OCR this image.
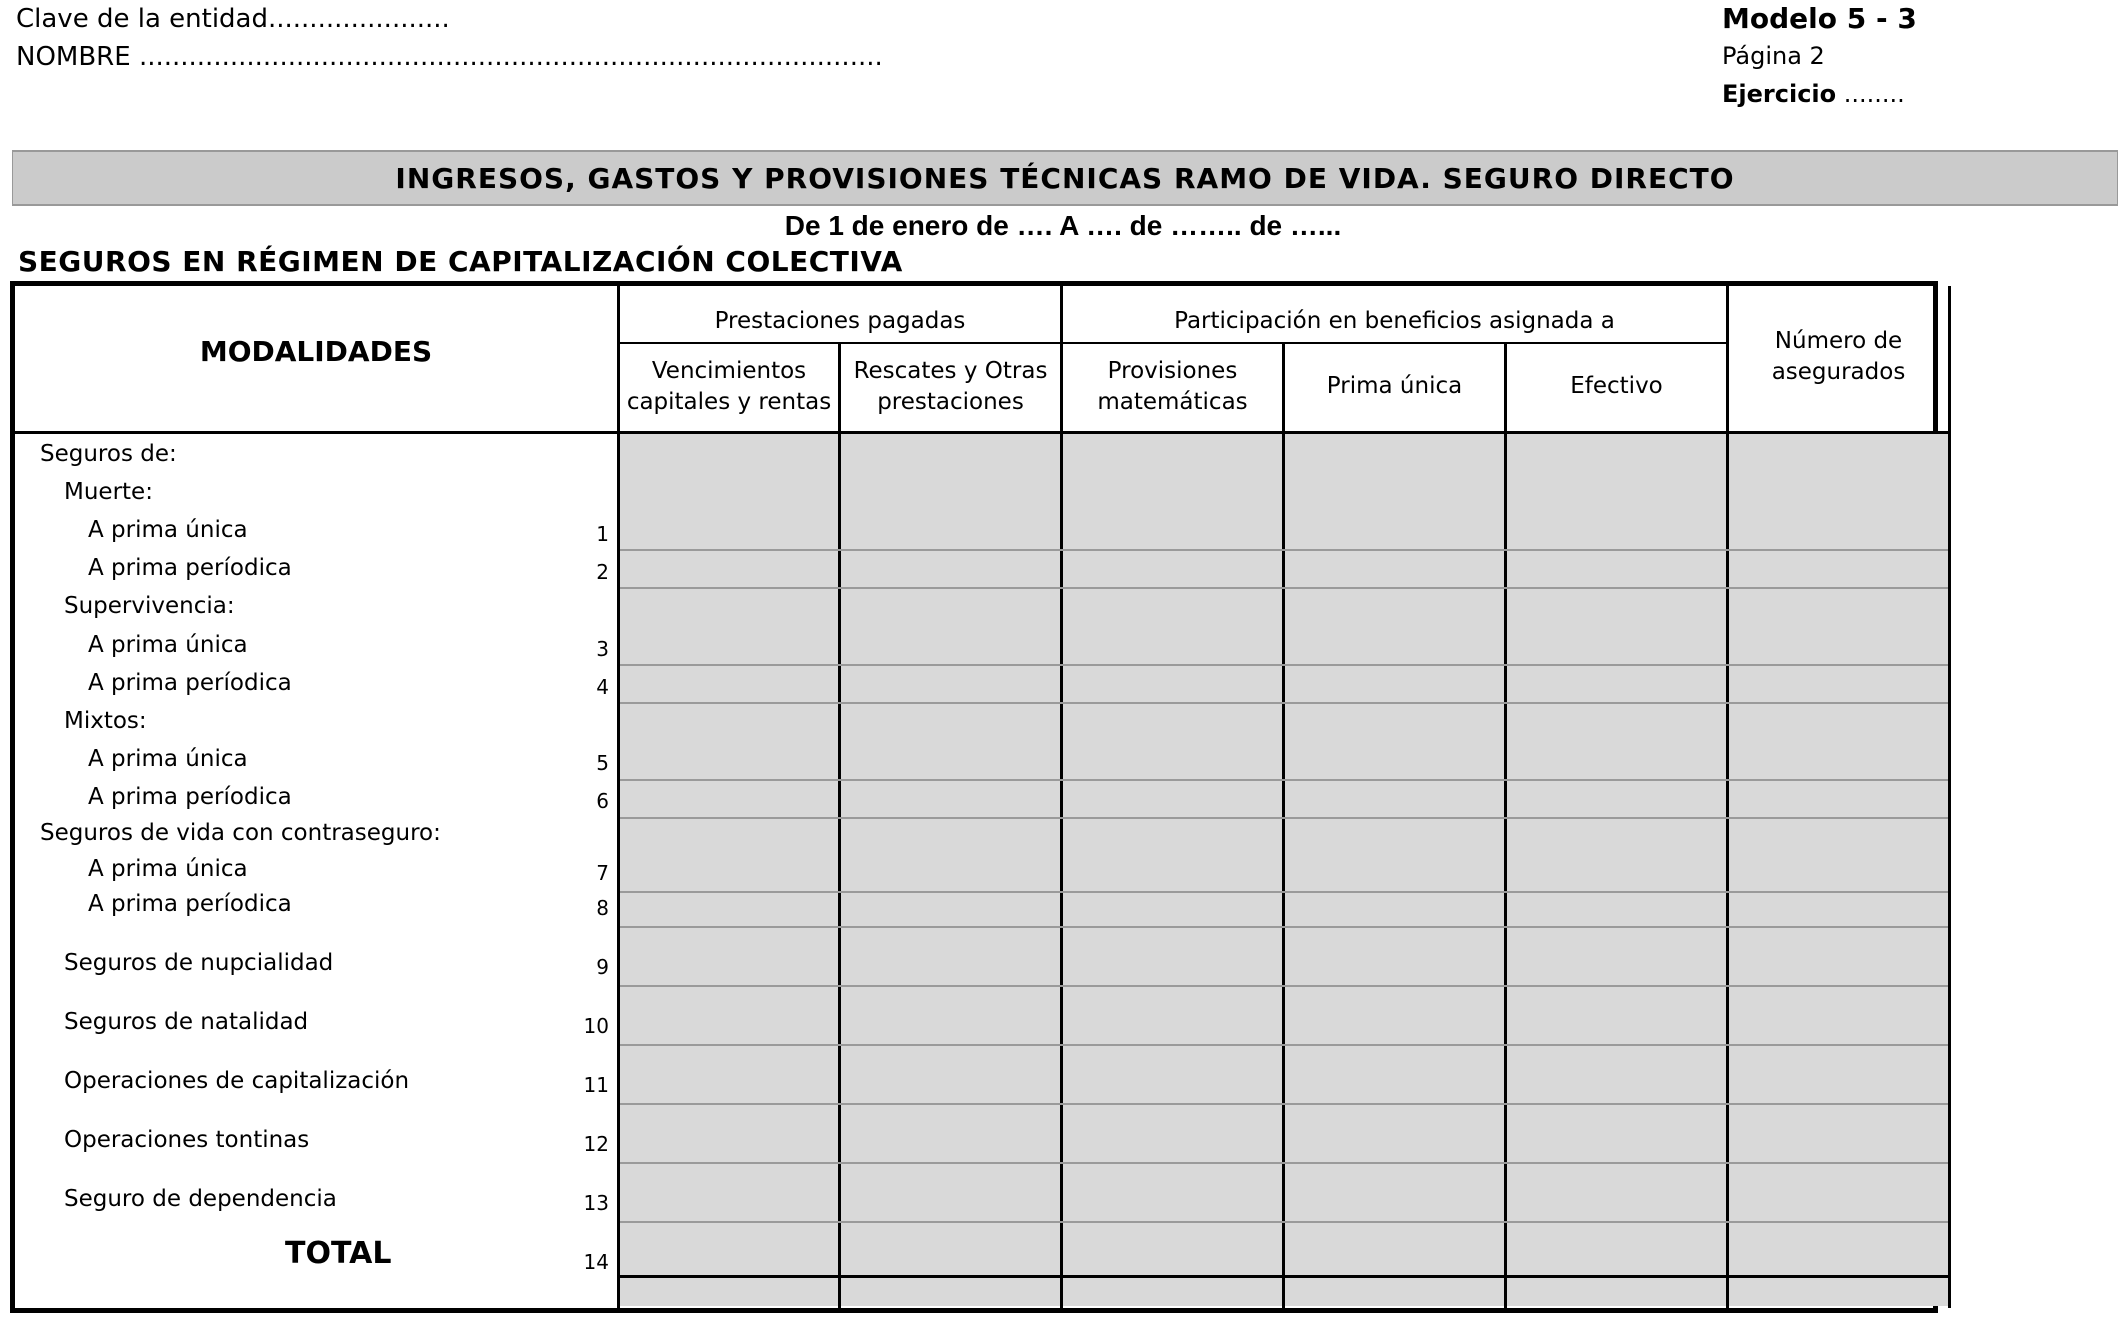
Clave de la entidad......................
NOMBRE ..........................................................................................
Modelo 5 - 3
Página 2
Ejercicio ........
INGRESOS, GASTOS Y PROVISIONES TÉCNICAS RAMO DE VIDA. SEGURO DIRECTO
De 1 de enero de …. A …. de …….. de …...
SEGUROS EN RÉGIMEN DE CAPITALIZACIÓN COLECTIVA
MODALIDADES
Prestaciones pagadas	Participación en beneficios asignada a
Vencimientos
capitales y rentas
Rescates y Otras
prestaciones
Provisiones
matemáticas
Prima única	Efectivo
Número de
asegurados
Seguros de:
Muerte:
A prima única
A prima períodica
Supervivencia:
A prima única
A prima períodica
Mixtos:
A prima única
A prima períodica
Seguros de vida con contraseguro:
A prima única
A prima períodica
Seguros de nupcialidad
Seguros de natalidad
Operaciones de capitalización
Operaciones tontinas
Seguro de dependencia
TOTAL
1
2
3
4
5
6
7
8
9
10
11
12
13
14
